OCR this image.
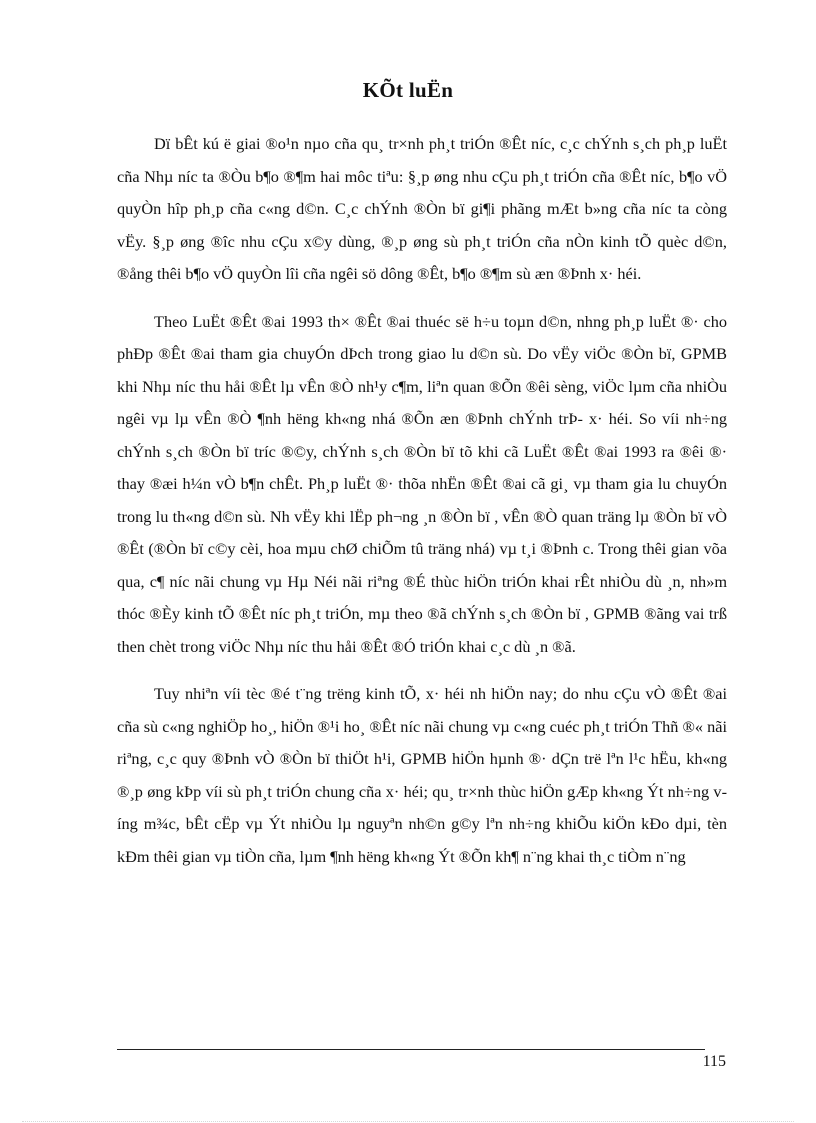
KÕt luËn

Dï bÊt kú ë giai ®o¹n nµo cña qu¸ tr×nh ph¸t triÓn ®Êt níc, c¸c chÝnh s¸ch ph¸p luËt cña Nhµ níc ta ®Òu b¶o ®¶m hai môc tiªu: §¸p øng nhu cÇu ph¸t triÓn cña ®Êt níc, b¶o vÖ quyÒn hîp ph¸p cña c«ng d©n. C¸c chÝnh ®Òn bï gi¶i phãng mÆt b»ng cña níc ta còng vËy. §¸p øng ®îc nhu cÇu x©y dùng, ®¸p øng sù ph¸t triÓn cña nÒn kinh tÕ quèc d©n, ®ång thêi b¶o vÖ quyÒn lîi cña ngêi sö dông ®Êt, b¶o ®¶m sù æn ®Þnh x· héi.

Theo LuËt ®Êt ®ai 1993 th× ®Êt ®ai thuéc së h÷u toµn d©n, nhng ph¸p luËt ®· cho phÐp ®Êt ®ai tham gia chuyÓn dÞch trong giao lu d©n sù. Do vËy viÖc ®Òn bï, GPMB khi Nhµ níc thu håi ®Êt lµ vÊn ®Ò nh¹y c¶m, liªn quan ®Õn ®êi sèng, viÖc lµm cña nhiÒu ngêi vµ lµ vÊn ®Ò ¶nh hëng kh«ng nhá ®Õn æn ®Þnh chÝnh trÞ- x· héi. So víi nh÷ng chÝnh s¸ch ®Òn bï tríc ®©y, chÝnh s¸ch ®Òn bï tõ khi cã LuËt ®Êt ®ai 1993 ra ®êi ®· thay ®æi h¼n vÒ b¶n chÊt. Ph¸p luËt ®· thõa nhËn ®Êt ®ai cã gi¸ vµ tham gia lu chuyÓn trong lu th«ng d©n sù. Nh vËy khi lËp ph¬ng ¸n ®Òn bï , vÊn ®Ò quan träng lµ ®Òn bï vÒ ®Êt (®Òn bï c©y cèi, hoa mµu chØ chiÕm tû träng nhá) vµ t¸i ®Þnh c. Trong thêi gian võa qua, c¶ níc nãi chung vµ Hµ Néi nãi riªng ®É thùc hiÖn triÓn khai rÊt nhiÒu dù ¸n, nh»m thóc ®Èy kinh tÕ ®Êt níc ph¸t triÓn, mµ theo ®ã chÝnh s¸ch ®Òn bï , GPMB ®ãng vai trß then chèt trong viÖc Nhµ níc thu håi ®Êt ®Ó triÓn khai c¸c dù ¸n ®ã.

Tuy nhiªn víi tèc ®é t¨ng trëng kinh tÕ, x· héi nh hiÖn nay; do nhu cÇu vÒ ®Êt ®ai cña sù c«ng nghiÖp ho¸, hiÖn ®¹i ho¸ ®Êt níc nãi chung vµ c«ng cuéc ph¸t triÓn Thñ ®« nãi riªng, c¸c quy ®Þnh vÒ ®Òn bï thiÖt h¹i, GPMB hiÖn hµnh ®· dÇn trë lªn l¹c hËu, kh«ng ®¸p øng kÞp víi sù ph¸t triÓn chung cña x· héi; qu¸ tr×nh thùc hiÖn gÆp kh«ng Ýt nh÷ng víng m¾c, bÊt cËp vµ Ýt nhiÒu lµ nguyªn nh©n g©y lªn nh÷ng khiÕu kiÖn kÐo dµi, tèn kÐm thêi gian vµ tiÒn cña, lµm ¶nh hëng kh«ng Ýt ®Õn kh¶ n¨ng khai th¸c tiÒm n¨ng

115
